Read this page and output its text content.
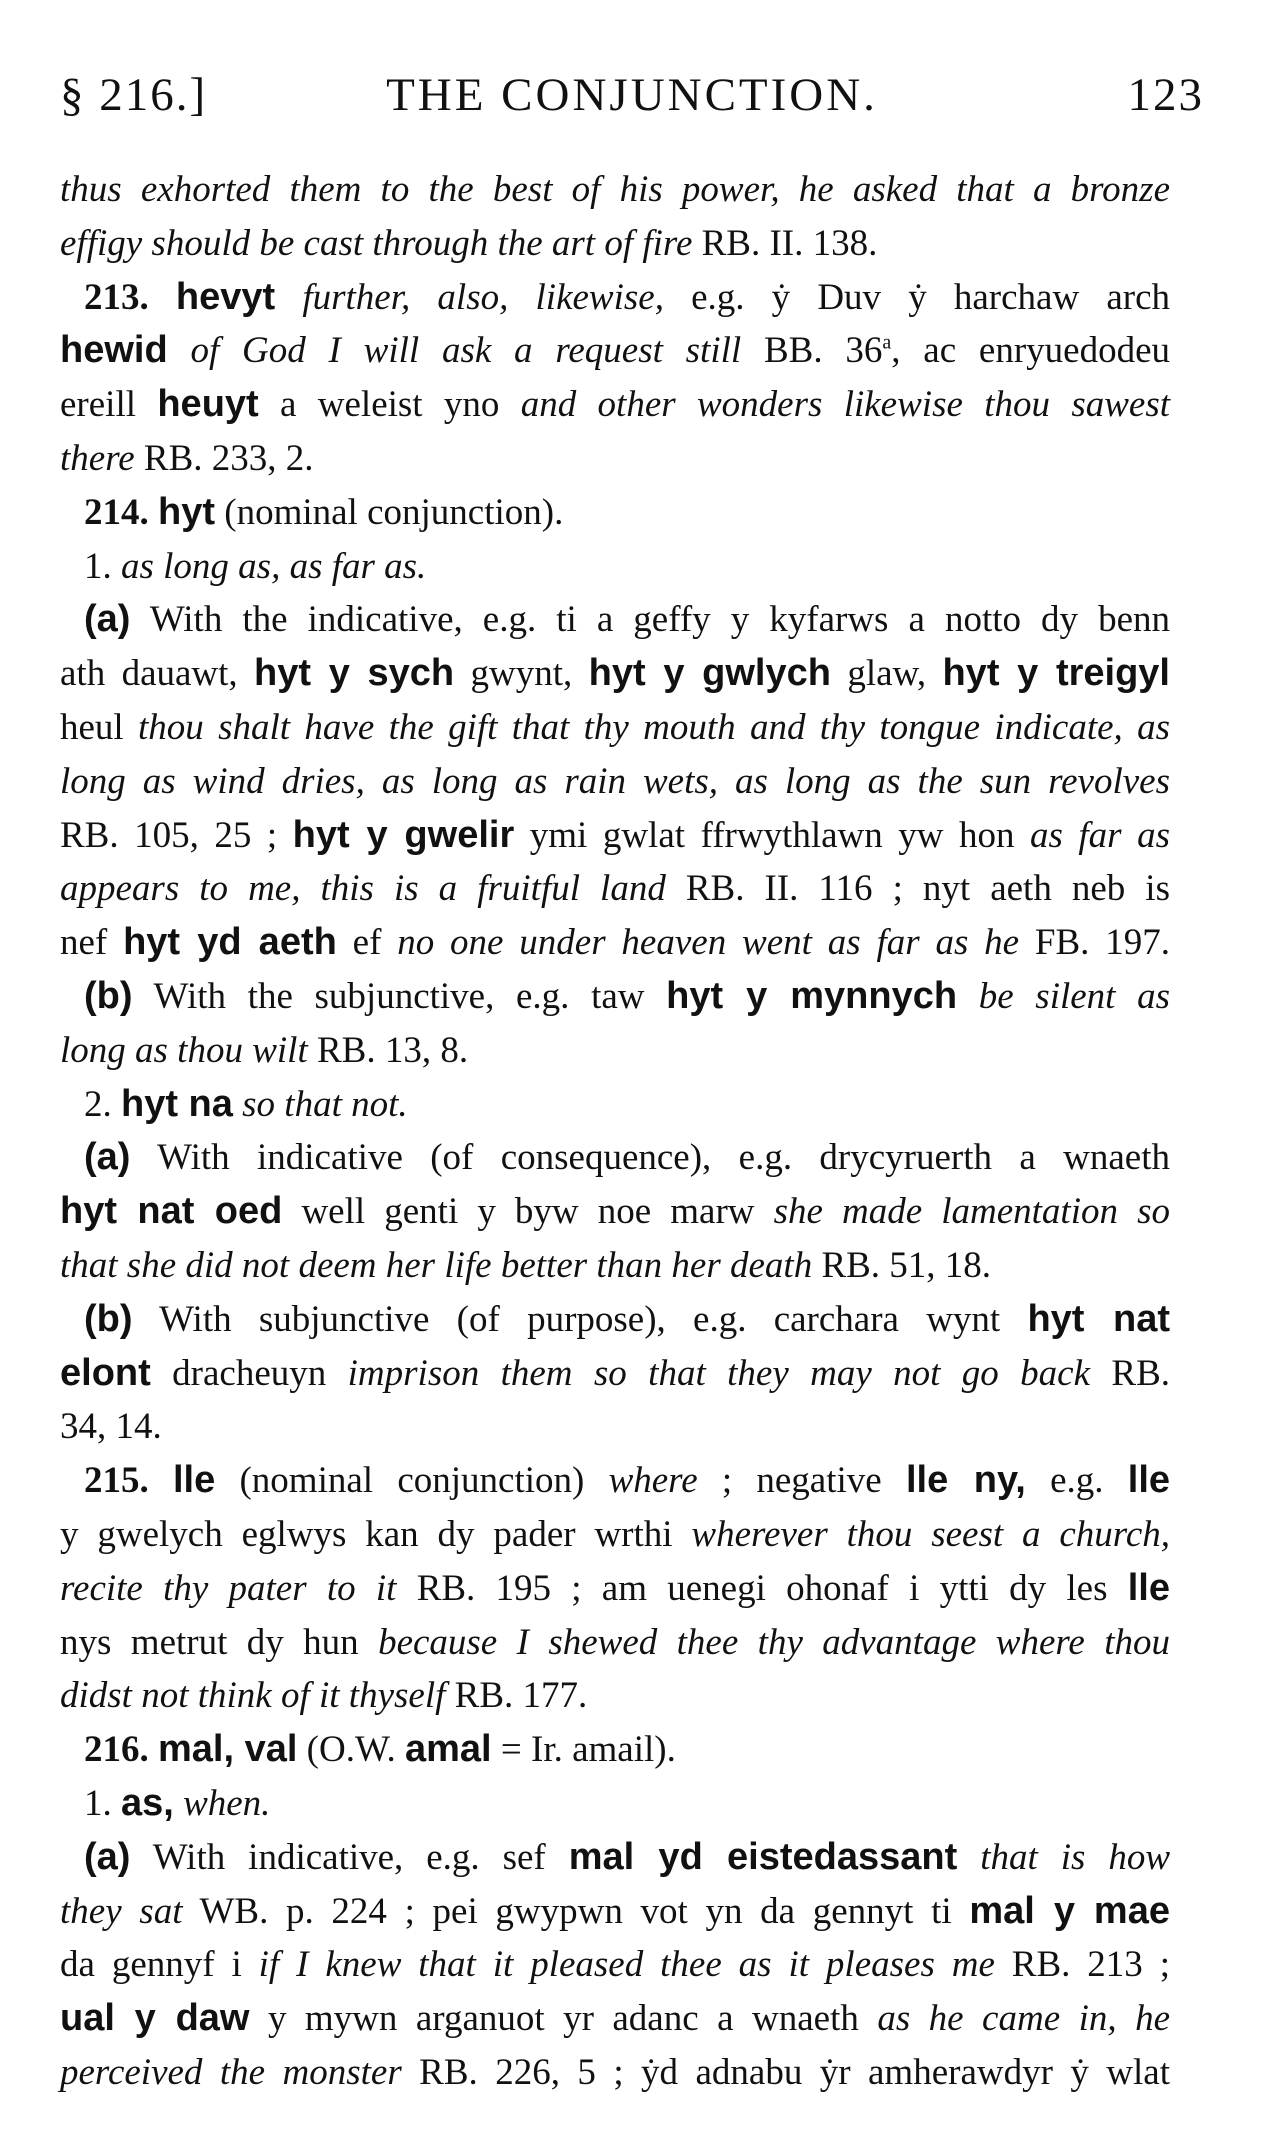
§ 216.]	THE CONJUNCTION.	123
thus exhorted them to the best of his power, he asked that a bronze
effigy should be cast through the art of fire RB. II. 138.
213. hevyt further, also, likewise, e.g. ẏ Duv ẏ harchaw arch
hewid of God I will ask a request still BB. 36$^a$, ac enryuedodeu
ereill heuyt a weleist yno and other wonders likewise thou sawest
there RB. 233, 2.
214. hyt (nominal conjunction).
1. as long as, as far as.
(a) With the indicative, e.g. ti a geffy y kyfarws a notto dy benn
ath dauawt, hyt y sych gwynt, hyt y gwlych glaw, hyt y treigyl
heul thou shalt have the gift that thy mouth and thy tongue indicate, as
long as wind dries, as long as rain wets, as long as the sun revolves
RB. 105, 25 ; hyt y gwelir ymi gwlat ffrwythlawn yw hon as far as
appears to me, this is a fruitful land RB. II. 116 ; nyt aeth neb is
nef hyt yd aeth ef no one under heaven went as far as he FB. 197.
(b) With the subjunctive, e.g. taw hyt y mynnych be silent as
long as thou wilt RB. 13, 8.
2. hyt na so that not.
(a) With indicative (of consequence), e.g. drycyruerth a wnaeth
hyt nat oed well genti y byw noe marw she made lamentation so
that she did not deem her life better than her death RB. 51, 18.
(b) With subjunctive (of purpose), e.g. carchara wynt hyt nat
elont dracheuyn imprison them so that they may not go back RB.
34, 14.
215. lle (nominal conjunction) where ; negative lle ny, e.g. lle
y gwelych eglwys kan dy pader wrthi wherever thou seest a church,
recite thy pater to it RB. 195 ; am uenegi ohonaf i ytti dy les lle
nys metrut dy hun because I shewed thee thy advantage where thou
didst not think of it thyself RB. 177.
216. mal, val (O.W. amal = Ir. amail).
1. as, when.
(a) With indicative, e.g. sef mal yd eistedassant that is how
they sat WB. p. 224 ; pei gwypwn vot yn da gennyt ti mal y mae
da gennyf i if I knew that it pleased thee as it pleases me RB. 213 ;
ual y daw y mywn arganuot yr adanc a wnaeth as he came in, he
perceived the monster RB. 226, 5 ; ẏd adnabu ẏr amherawdyr ẏ wlat
